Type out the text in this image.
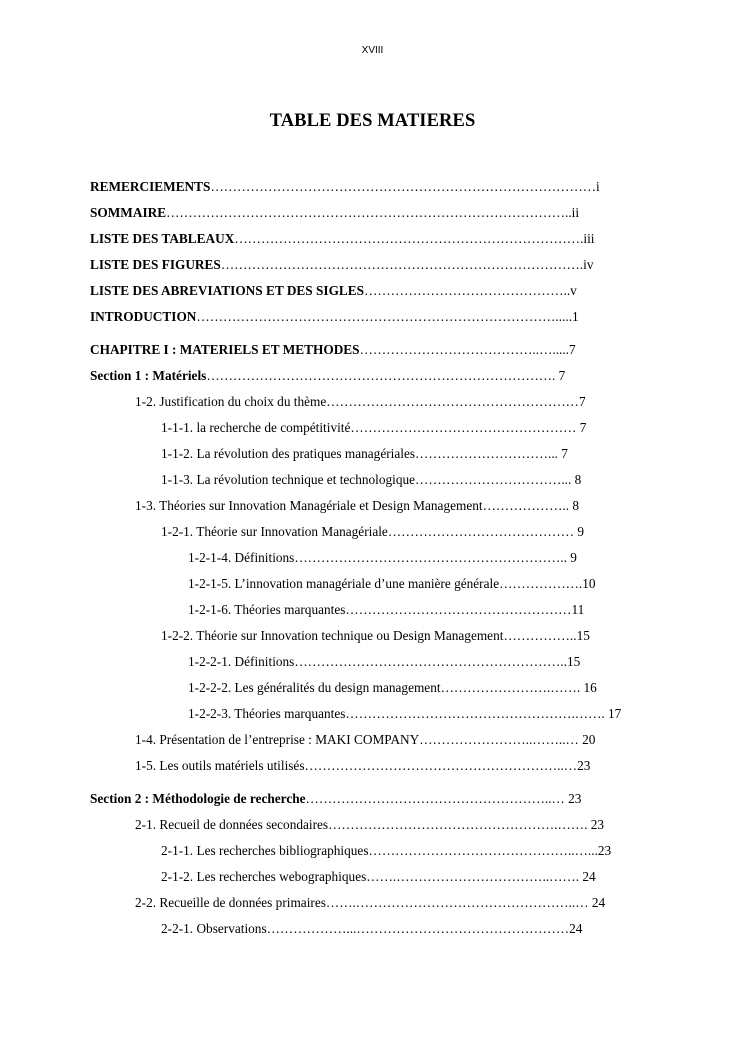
XVIII
TABLE DES MATIERES
REMERCIEMENTS……………………………………………………………………………i
SOMMAIRE………………………………………………………………………………..ii
LISTE DES TABLEAUX…………………………………………………………………….iii
LISTE DES FIGURES……………………………………………………………………….iv
LISTE DES ABREVIATIONS ET DES SIGLES………………………………………..v
INTRODUCTION……………………………………………………………………….....1
CHAPITRE I : MATERIELS ET METHODES…………………………………..….....7
Section 1 : Matériels……………………………………………………………………. 7
1-2. Justification du choix du thème…………………………………………………7
1-1-1. la recherche de compétitivité…………………………………………… 7
1-1-2. La révolution des pratiques managériales…………………………... 7
1-1-3. La révolution technique et technologique……………………………... 8
1-3. Théories sur Innovation Managériale et Design Management……………….. 8
1-2-1. Théorie sur Innovation Managériale…………………………………… 9
1-2-1-4. Définitions…………………………………………………….. 9
1-2-1-5. L’innovation managériale d’une manière générale……………….10
1-2-1-6. Théories marquantes……………………………………………11
1-2-2. Théorie sur Innovation technique ou Design Management……………..15
1-2-2-1. Définitions……………………………………………………..15
1-2-2-2. Les généralités du design management…………………….……. 16
1-2-2-3. Théories marquantes…………………………………………….……. 17
1-4. Présentation de l’entreprise : MAKI COMPANY……………………..……..… 20
1-5. Les outils matériels utilisés…………………………………………………..…23
Section 2 : Méthodologie de recherche………………………………………………..… 23
2-1. Recueil de données secondaires…………………………………………….……. 23
2-1-1. Les recherches bibliographiques………………………………………..…...23
2-1-2. Les recherches webographiques…….……………………………..……. 24
2-2. Recueille de données primaires…….…………………………………………..… 24
2-2-1. Observations………………...…………………………………………24
